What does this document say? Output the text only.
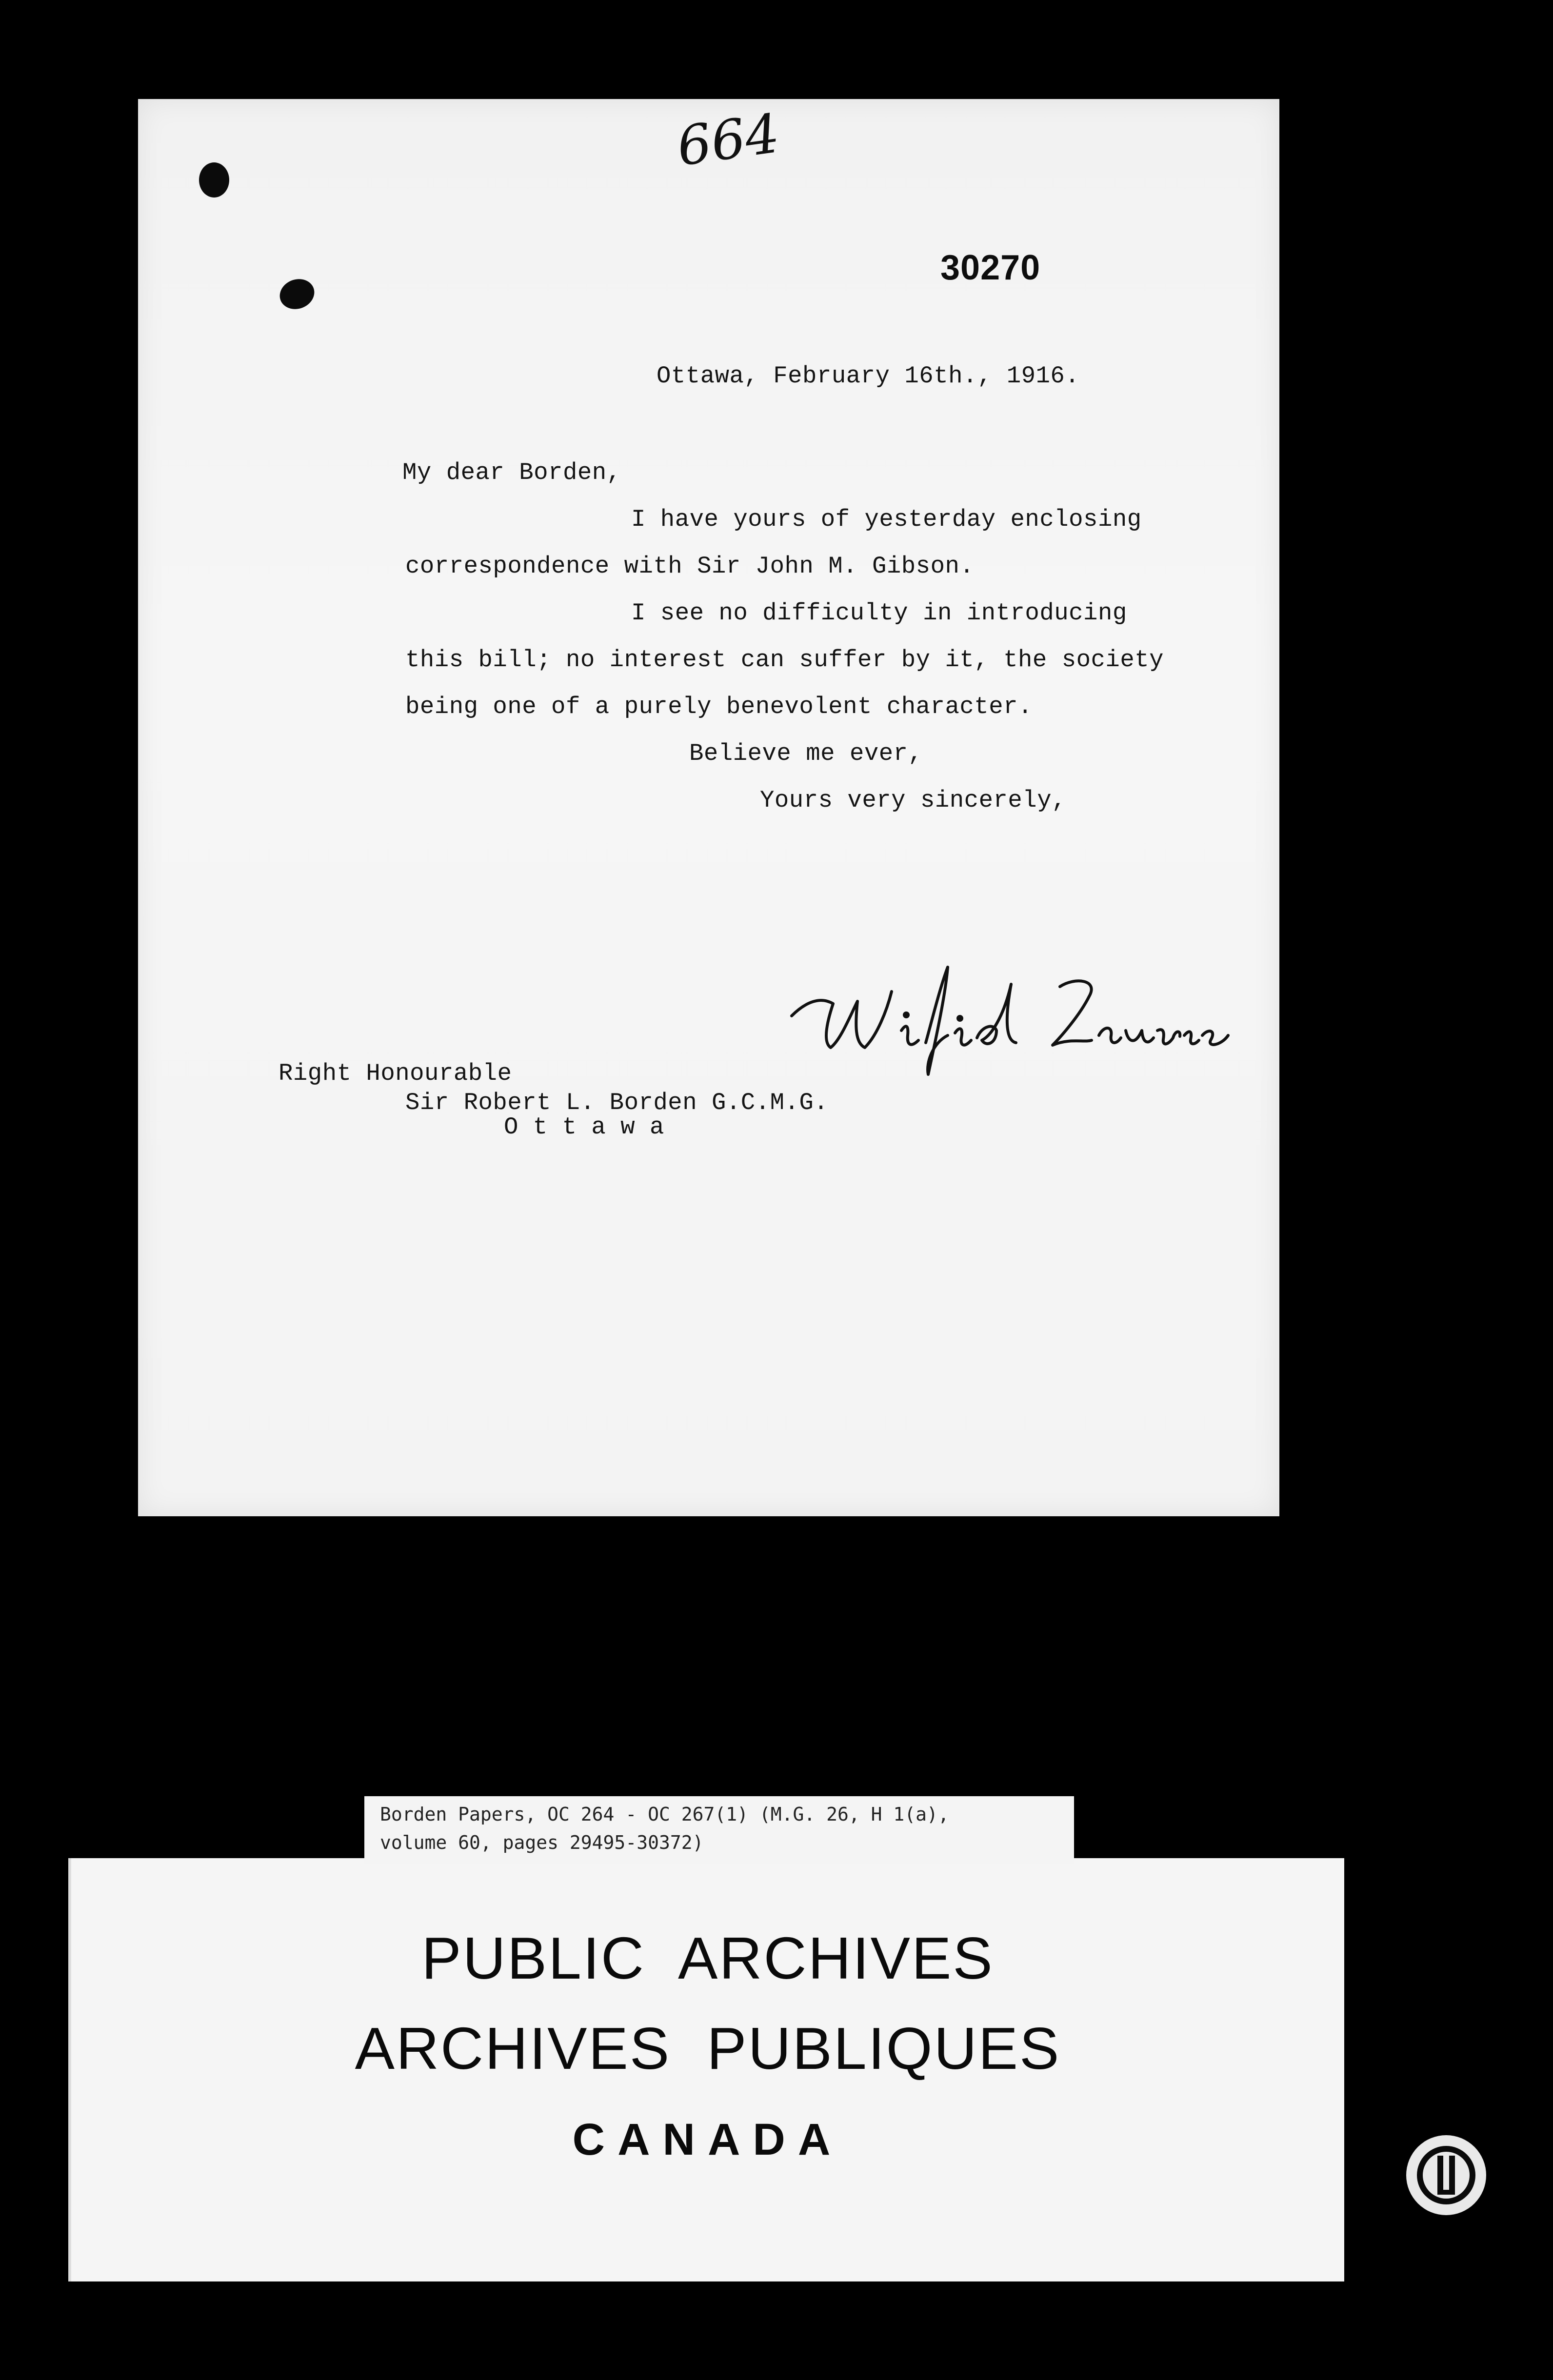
664
30270
Ottawa, February 16th., 1916.
My dear Borden,
I have yours of yesterday enclosing
correspondence with Sir John M. Gibson.
I see no difficulty in introducing
this bill; no interest can suffer by it, the society
being one of a purely benevolent character.
Believe me ever,
Yours very sincerely,
Right Honourable
Sir Robert L. Borden G.C.M.G.
O t t a w a
PUBLIC  ARCHIVES
ARCHIVES  PUBLIQUES
CANADA
Borden Papers, OC 264 - OC 267(1) (M.G. 26, H 1(a),
volume 60, pages 29495-30372)
